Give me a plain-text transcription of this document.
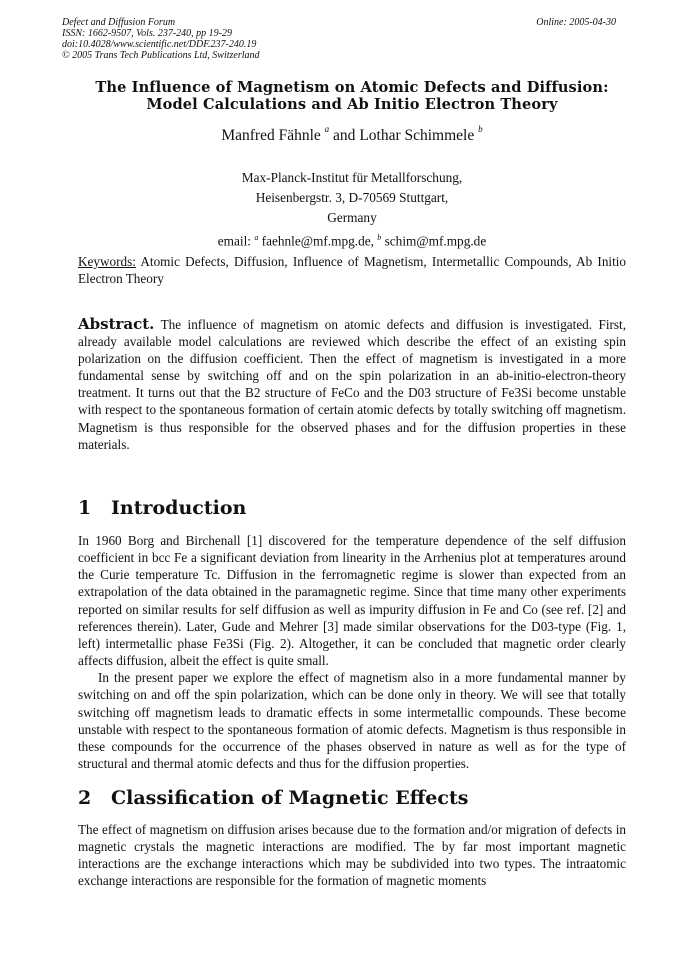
Defect and Diffusion Forum
ISSN: 1662-9507, Vols. 237-240, pp 19-29
doi:10.4028/www.scientific.net/DDF.237-240.19
© 2005 Trans Tech Publications Ltd, Switzerland
Online: 2005-04-30
The Influence of Magnetism on Atomic Defects and Diffusion:
Model Calculations and Ab Initio Electron Theory
Manfred Fähnle $^a$ and Lothar Schimmele $^b$
Max-Planck-Institut für Metallforschung,
Heisenbergstr. 3, D-70569 Stuttgart,
Germany
email: $^a$ faehnle@mf.mpg.de, $^b$ schim@mf.mpg.de
Keywords: Atomic Defects, Diffusion, Influence of Magnetism, Intermetallic Compounds, Ab Initio Electron Theory
Abstract. The influence of magnetism on atomic defects and diffusion is investigated. First, already available model calculations are reviewed which describe the effect of an existing spin polarization on the diffusion coefficient. Then the effect of magnetism is investigated in a more fundamental sense by switching off and on the spin polarization in an ab-initio-electron-theory treatment. It turns out that the B2 structure of FeCo and the D03 structure of Fe3Si become unstable with respect to the spontaneous formation of certain atomic defects by totally switching off magnetism. Magnetism is thus responsible for the observed phases and for the diffusion properties in these materials.
1 Introduction

In 1960 Borg and Birchenall [1] discovered for the temperature dependence of the self diffusion coefficient in bcc Fe a significant deviation from linearity in the Arrhenius plot at temperatures around the Curie temperature Tc. Diffusion in the ferromagnetic regime is slower than expected from an extrapolation of the data obtained in the paramagnetic regime. Since that time many other experiments reported on similar results for self diffusion as well as impurity diffusion in Fe and Co (see ref. [2] and references therein). Later, Gude and Mehrer [3] made similar observations for the D03-type (Fig. 1, left) intermetallic phase Fe3Si (Fig. 2). Altogether, it can be concluded that magnetic order clearly affects diffusion, albeit the effect is quite small.

In the present paper we explore the effect of magnetism also in a more fundamental manner by switching on and off the spin polarization, which can be done only in theory. We will see that totally switching off magnetism leads to dramatic effects in some intermetallic compounds. These become unstable with respect to the spontaneous formation of atomic defects. Magnetism is thus responsible in these compounds for the occurrence of the phases observed in nature as well as for the type of structural and thermal atomic defects and thus for the diffusion properties.

2 Classification of Magnetic Effects

The effect of magnetism on diffusion arises because due to the formation and/or migration of defects in magnetic crystals the magnetic interactions are modified. The by far most important magnetic interactions are the exchange interactions which may be subdivided into two types. The intraatomic exchange interactions are responsible for the formation of magnetic moments
